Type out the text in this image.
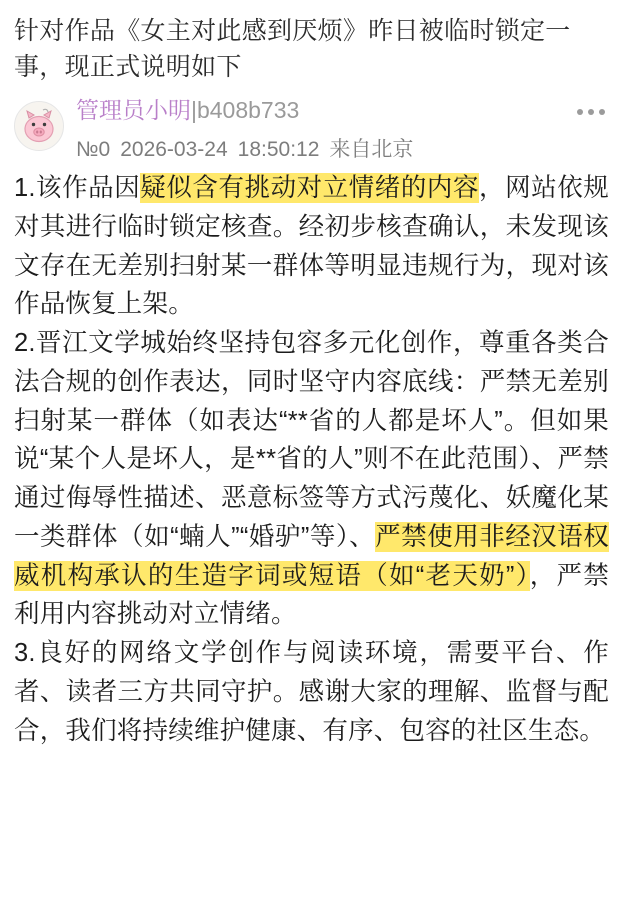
针对作品《女主对此感到厌烦》昨日被临时锁定一事，现正式说明如下
管理员小明|b408b733
№0 2026-03-24 18:50:12 来自北京

1.该作品因疑似含有挑动对立情绪的内容，网站依规对其进行临时锁定核查。经初步核查确认，未发现该文存在无差别扫射某一群体等明显违规行为，现对该作品恢复上架。

2.晋江文学城始终坚持包容多元化创作，尊重各类合法合规的创作表达，同时坚守内容底线：严禁无差别扫射某一群体（如表达“**省的人都是坏人”。但如果说“某个人是坏人，是**省的人”则不在此范围）、严禁通过侮辱性描述、恶意标签等方式污蔑化、妖魔化某一类群体（如“蝻人”“婚驴”等）、严禁使用非经汉语权威机构承认的生造字词或短语（如“老天奶”），严禁利用内容挑动对立情绪。

3.良好的网络文学创作与阅读环境，需要平台、作者、读者三方共同守护。感谢大家的理解、监督与配合，我们将持续维护健康、有序、包容的社区生态。
